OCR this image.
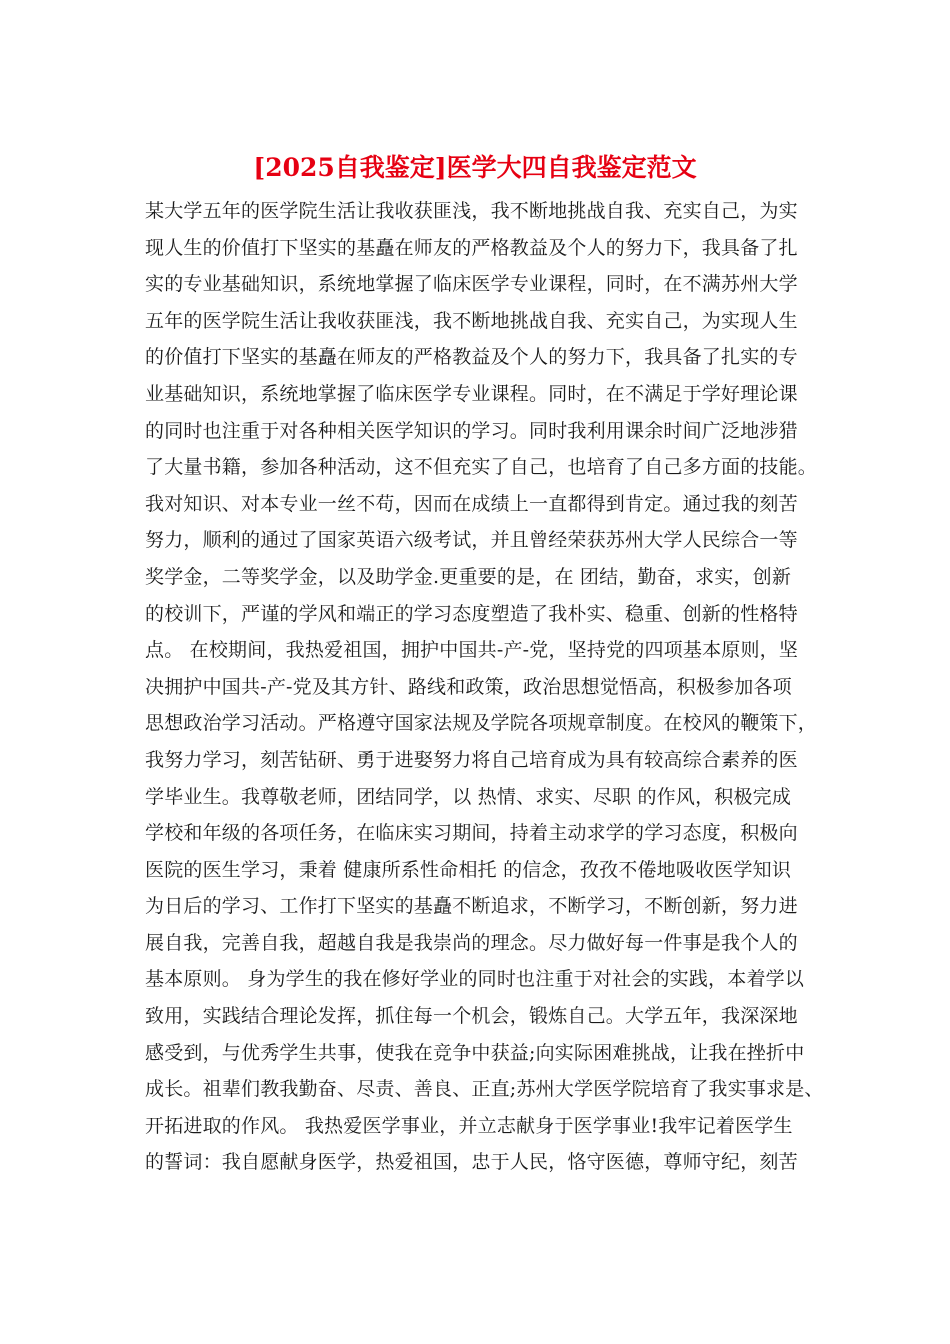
[2025自我鉴定]医学大四自我鉴定范文
某大学五年的医学院生活让我收获匪浅，我不断地挑战自我、充实自己，为实
现人生的价值打下坚实的基矗在师友的严格教益及个人的努力下，我具备了扎
实的专业基础知识，系统地掌握了临床医学专业课程，同时，在不满苏州大学
五年的医学院生活让我收获匪浅，我不断地挑战自我、充实自己，为实现人生
的价值打下坚实的基矗在师友的严格教益及个人的努力下，我具备了扎实的专
业基础知识，系统地掌握了临床医学专业课程。同时，在不满足于学好理论课
的同时也注重于对各种相关医学知识的学习。同时我利用课余时间广泛地涉猎
了大量书籍，参加各种活动，这不但充实了自己，也培育了自己多方面的技能。
我对知识、对本专业一丝不苟，因而在成绩上一直都得到肯定。通过我的刻苦
努力，顺利的通过了国家英语六级考试，并且曾经荣获苏州大学人民综合一等
奖学金，二等奖学金，以及助学金.更重要的是，在 团结，勤奋，求实，创新
的校训下，严谨的学风和端正的学习态度塑造了我朴实、稳重、创新的性格特
点。 在校期间，我热爱祖国，拥护中国共-产-党，坚持党的四项基本原则，坚
决拥护中国共-产-党及其方针、路线和政策，政治思想觉悟高，积极参加各项
思想政治学习活动。严格遵守国家法规及学院各项规章制度。在校风的鞭策下，
我努力学习，刻苦钻研、勇于进娶努力将自己培育成为具有较高综合素养的医
学毕业生。我尊敬老师，团结同学，以 热情、求实、尽职 的作风，积极完成
学校和年级的各项任务，在临床实习期间，持着主动求学的学习态度，积极向
医院的医生学习，秉着 健康所系性命相托 的信念，孜孜不倦地吸收医学知识
为日后的学习、工作打下坚实的基矗不断追求，不断学习，不断创新，努力进
展自我，完善自我，超越自我是我崇尚的理念。尽力做好每一件事是我个人的
基本原则。 身为学生的我在修好学业的同时也注重于对社会的实践，本着学以
致用，实践结合理论发挥，抓住每一个机会，锻炼自己。大学五年，我深深地
感受到，与优秀学生共事，使我在竞争中获益;向实际困难挑战，让我在挫折中
成长。祖辈们教我勤奋、尽责、善良、正直;苏州大学医学院培育了我实事求是、
开拓进取的作风。 我热爱医学事业，并立志献身于医学事业!我牢记着医学生
的誓词：我自愿献身医学，热爱祖国，忠于人民，恪守医德，尊师守纪，刻苦
